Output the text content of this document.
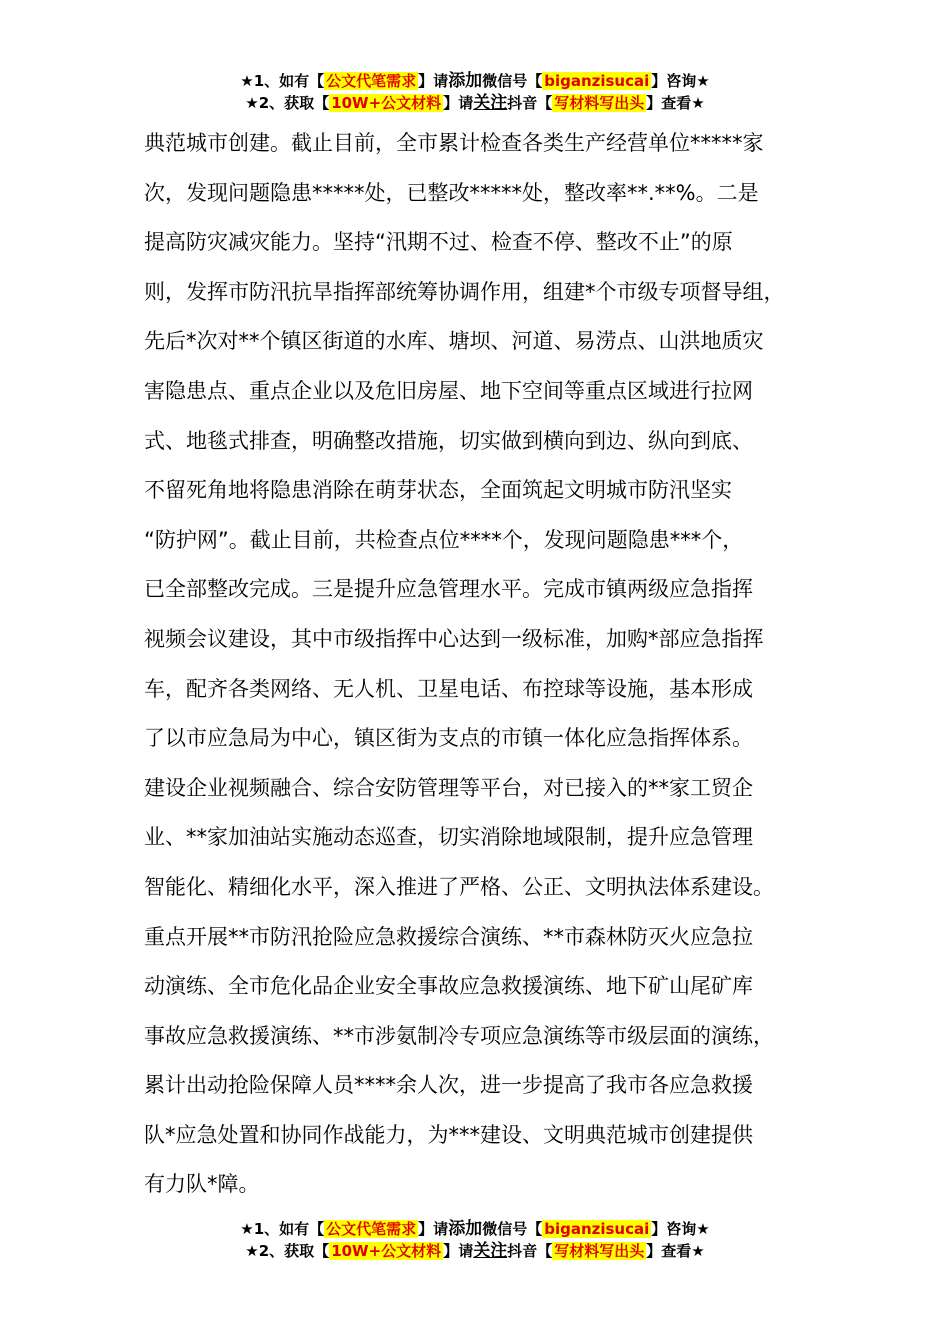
★1、如有【 公文代笔需求 】请添加微信号【 biganzisucai 】咨询★
★2、获取【 10W+公文材料 】请关注抖音【 写材料写出头 】查看★
典范城市创建。截止目前，全市累计检查各类生产经营单位*****家
次，发现问题隐患*****处，已整改*****处，整改率**.**%。二是
提高防灾减灾能力。坚持“汛期不过、检查不停、整改不止”的原
则，发挥市防汛抗旱指挥部统筹协调作用，组建*个市级专项督导组，
先后*次对**个镇区街道的水库、塘坝、河道、易涝点、山洪地质灾
害隐患点、重点企业以及危旧房屋、地下空间等重点区域进行拉网
式、地毯式排查，明确整改措施，切实做到横向到边、纵向到底、
不留死角地将隐患消除在萌芽状态，全面筑起文明城市防汛坚实
“防护网”。截止目前，共检查点位****个，发现问题隐患***个，
已全部整改完成。三是提升应急管理水平。完成市镇两级应急指挥
视频会议建设，其中市级指挥中心达到一级标准，加购*部应急指挥
车，配齐各类网络、无人机、卫星电话、布控球等设施，基本形成
了以市应急局为中心，镇区街为支点的市镇一体化应急指挥体系。
建设企业视频融合、综合安防管理等平台，对已接入的**家工贸企
业、**家加油站实施动态巡查，切实消除地域限制，提升应急管理
智能化、精细化水平，深入推进了严格、公正、文明执法体系建设。
重点开展**市防汛抢险应急救援综合演练、**市森林防灭火应急拉
动演练、全市危化品企业安全事故应急救援演练、地下矿山尾矿库
事故应急救援演练、**市涉氨制冷专项应急演练等市级层面的演练，
累计出动抢险保障人员****余人次，进一步提高了我市各应急救援
队*应急处置和协同作战能力，为***建设、文明典范城市创建提供
有力队*障。
★1、如有【 公文代笔需求 】请添加微信号【 biganzisucai 】咨询★
★2、获取【 10W+公文材料 】请关注抖音【 写材料写出头 】查看★
